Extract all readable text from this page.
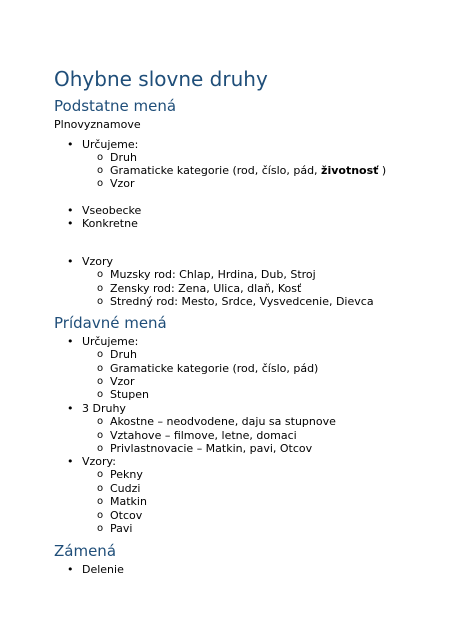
Ohybne slovne druhy
Podstatne mená

Plnovyznamove

• Určujeme:
o Druh
o Gramaticke kategorie (rod, číslo, pád, životnosť )
o Vzor
• Vseobecke
• Konkretne
• Vzory
o Muzsky rod: Chlap, Hrdina, Dub, Stroj
o Zensky rod: Zena, Ulica, dlaň, Kosť
o Stredný rod: Mesto, Srdce, Vysvedcenie, Dievca
Prídavné mená
• Určujeme:
o Druh
o Gramaticke kategorie (rod, číslo, pád)
o Vzor
o Stupen
• 3 Druhy
o Akostne – neodvodene, daju sa stupnove
o Vztahove – filmove, letne, domaci
o Privlastnovacie – Matkin, pavi, Otcov
• Vzory:
o Pekny
o Cudzi
o Matkin
o Otcov
o Pavi
Zámená
• Delenie
